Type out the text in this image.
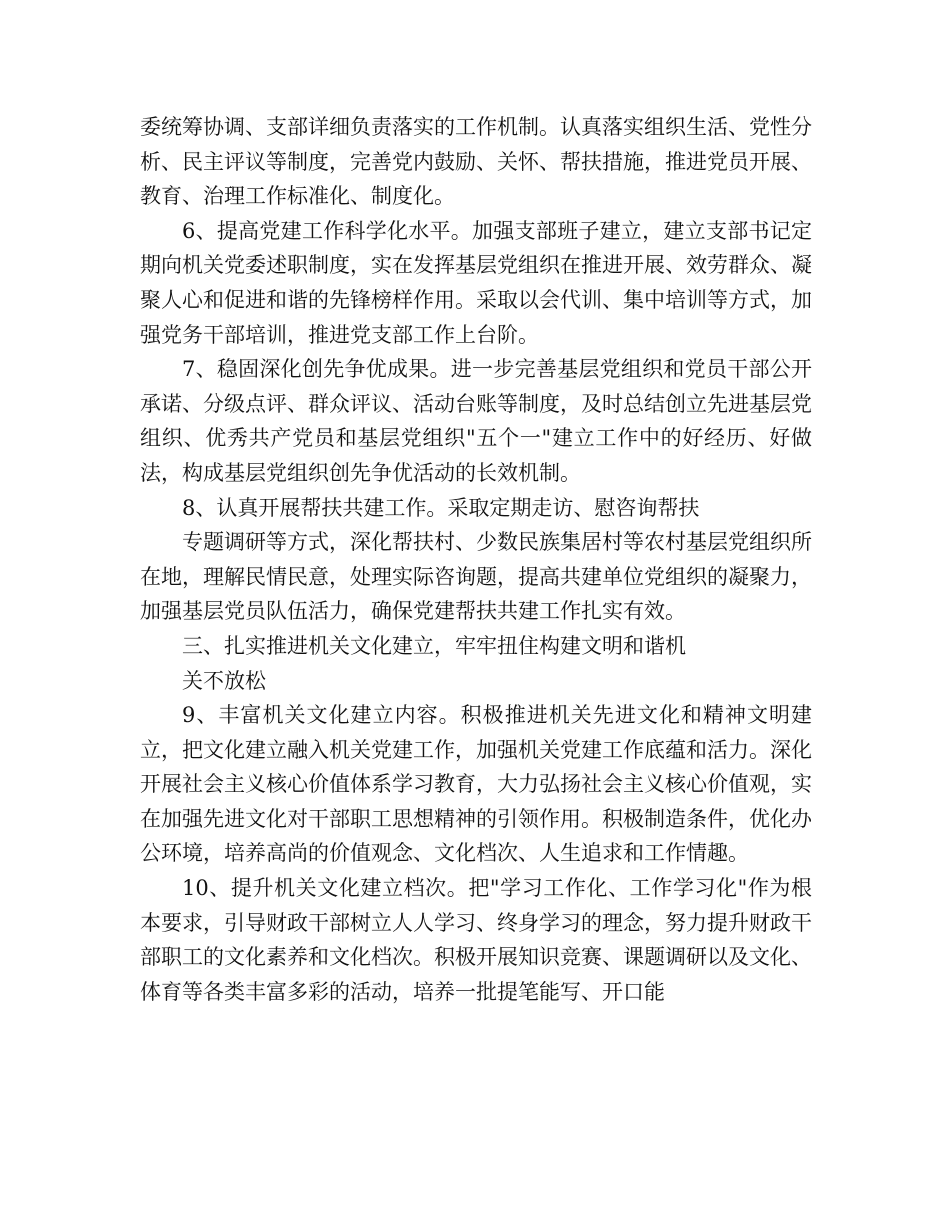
委统筹协调、支部详细负责落实的工作机制。认真落实组织生活、党性分析、民主评议等制度，完善党内鼓励、关怀、帮扶措施，推进党员开展、教育、治理工作标准化、制度化。

6、提高党建工作科学化水平。加强支部班子建立，建立支部书记定期向机关党委述职制度，实在发挥基层党组织在推进开展、效劳群众、凝聚人心和促进和谐的先锋榜样作用。采取以会代训、集中培训等方式，加强党务干部培训，推进党支部工作上台阶。

7、稳固深化创先争优成果。进一步完善基层党组织和党员干部公开承诺、分级点评、群众评议、活动台账等制度，及时总结创立先进基层党组织、优秀共产党员和基层党组织"五个一"建立工作中的好经历、好做法，构成基层党组织创先争优活动的长效机制。

8、认真开展帮扶共建工作。采取定期走访、慰咨询帮扶

专题调研等方式，深化帮扶村、少数民族集居村等农村基层党组织所在地，理解民情民意，处理实际咨询题，提高共建单位党组织的凝聚力，加强基层党员队伍活力，确保党建帮扶共建工作扎实有效。

三、扎实推进机关文化建立，牢牢扭住构建文明和谐机

关不放松

9、丰富机关文化建立内容。积极推进机关先进文化和精神文明建立，把文化建立融入机关党建工作，加强机关党建工作底蕴和活力。深化开展社会主义核心价值体系学习教育，大力弘扬社会主义核心价值观，实在加强先进文化对干部职工思想精神的引领作用。积极制造条件，优化办公环境，培养高尚的价值观念、文化档次、人生追求和工作情趣。

10、提升机关文化建立档次。把"学习工作化、工作学习化"作为根本要求，引导财政干部树立人人学习、终身学习的理念，努力提升财政干部职工的文化素养和文化档次。积极开展知识竞赛、课题调研以及文化、体育等各类丰富多彩的活动，培养一批提笔能写、开口能
